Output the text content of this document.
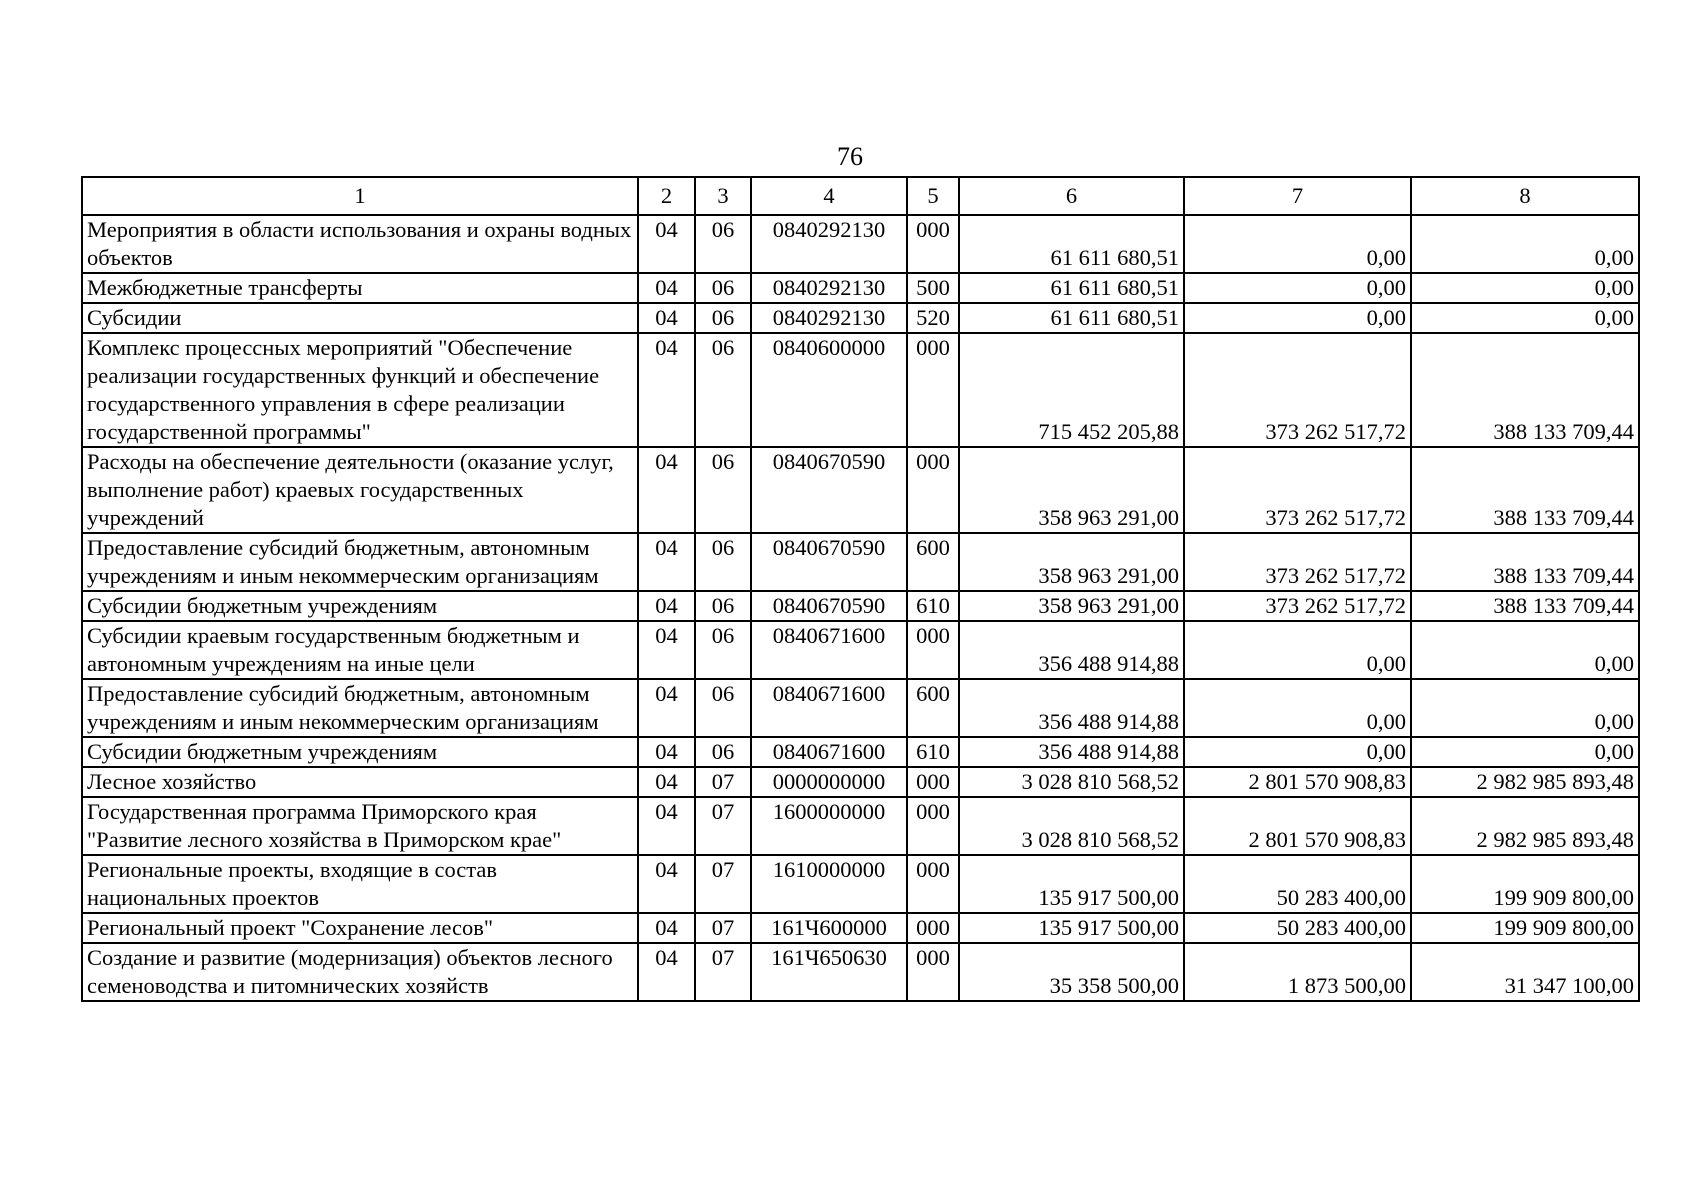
76
1	2	3	4	5	6	7	8
Мероприятия в области использования и охраны водных объектов	04	06	0840292130	000	61 611 680,51	0,00	0,00
Межбюджетные трансферты	04	06	0840292130	500	61 611 680,51	0,00	0,00
Субсидии	04	06	0840292130	520	61 611 680,51	0,00	0,00
Комплекс процессных мероприятий "Обеспечение реализации государственных функций и обеспечение государственного управления в сфере реализации государственной программы"	04	06	0840600000	000	715 452 205,88	373 262 517,72	388 133 709,44
Расходы на обеспечение деятельности (оказание услуг, выполнение работ) краевых государственных учреждений	04	06	0840670590	000	358 963 291,00	373 262 517,72	388 133 709,44
Предоставление субсидий бюджетным, автономным учреждениям и иным некоммерческим организациям	04	06	0840670590	600	358 963 291,00	373 262 517,72	388 133 709,44
Субсидии бюджетным учреждениям	04	06	0840670590	610	358 963 291,00	373 262 517,72	388 133 709,44
Субсидии краевым государственным бюджетным и автономным учреждениям на иные цели	04	06	0840671600	000	356 488 914,88	0,00	0,00
Предоставление субсидий бюджетным, автономным учреждениям и иным некоммерческим организациям	04	06	0840671600	600	356 488 914,88	0,00	0,00
Субсидии бюджетным учреждениям	04	06	0840671600	610	356 488 914,88	0,00	0,00
Лесное хозяйство	04	07	0000000000	000	3 028 810 568,52	2 801 570 908,83	2 982 985 893,48
Государственная программа Приморского края "Развитие лесного хозяйства в Приморском крае"	04	07	1600000000	000	3 028 810 568,52	2 801 570 908,83	2 982 985 893,48
Региональные проекты, входящие в состав национальных проектов	04	07	1610000000	000	135 917 500,00	50 283 400,00	199 909 800,00
Региональный проект "Сохранение лесов"	04	07	161Ч600000	000	135 917 500,00	50 283 400,00	199 909 800,00
Создание и развитие (модернизация) объектов лесного семеноводства и питомнических хозяйств	04	07	161Ч650630	000	35 358 500,00	1 873 500,00	31 347 100,00
